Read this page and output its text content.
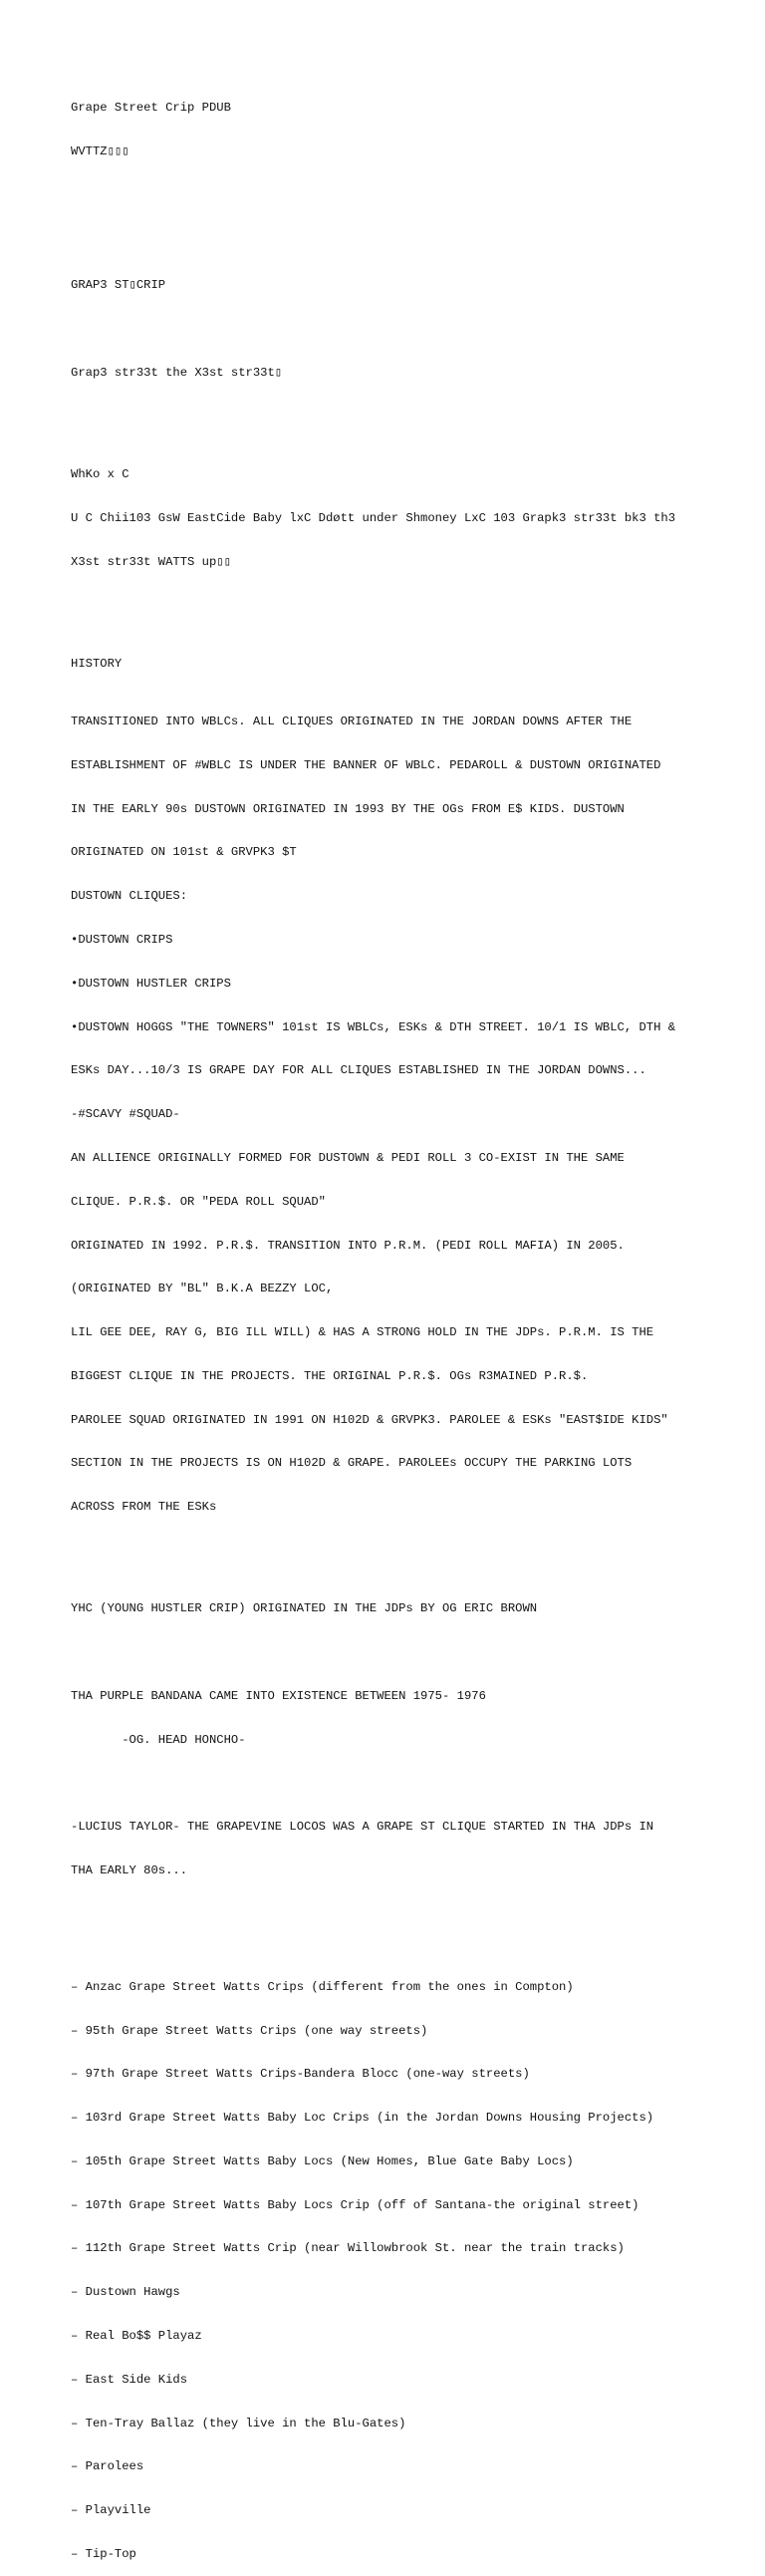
Grape Street Crip PDUB

WVTTZ▯▯▯

GRAP3 ST▯CRIP

Grap3 str33t the X3st str33t▯

WhKo x C

U C Chii103 GsW EastCide Baby lxC Ddøtt under Shmoney LxC 103 Grapk3 str33t bk3 th3

X3st str33t WATTS up▯▯

HISTORY

TRANSITIONED INTO WBLCs. ALL CLIQUES ORIGINATED IN THE JORDAN DOWNS AFTER THE

ESTABLISHMENT OF #WBLC IS UNDER THE BANNER OF WBLC. PEDAROLL & DUSTOWN ORIGINATED

IN THE EARLY 90s DUSTOWN ORIGINATED IN 1993 BY THE OGs FROM E$ KIDS. DUSTOWN

ORIGINATED ON 101st & GRVPK3 $T

DUSTOWN CLIQUES:

•DUSTOWN CRIPS

•DUSTOWN HUSTLER CRIPS

•DUSTOWN HOGGS "THE TOWNERS" 101st IS WBLCs, ESKs & DTH STREET. 10/1 IS WBLC, DTH &

ESKs DAY...10/3 IS GRAPE DAY FOR ALL CLIQUES ESTABLISHED IN THE JORDAN DOWNS...

-#SCAVY #SQUAD-

AN ALLIENCE ORIGINALLY FORMED FOR DUSTOWN & PEDI ROLL 3 CO-EXIST IN THE SAME

CLIQUE. P.R.$. OR "PEDA ROLL SQUAD"

ORIGINATED IN 1992. P.R.$. TRANSITION INTO P.R.M. (PEDI ROLL MAFIA) IN 2005.

(ORIGINATED BY "BL" B.K.A BEZZY LOC,

LIL GEE DEE, RAY G, BIG ILL WILL) & HAS A STRONG HOLD IN THE JDPs. P.R.M. IS THE

BIGGEST CLIQUE IN THE PROJECTS. THE ORIGINAL P.R.$. OGs R3MAINED P.R.$.

PAROLEE SQUAD ORIGINATED IN 1991 ON H102D & GRVPK3. PAROLEE & ESKs "EAST$IDE KIDS"

SECTION IN THE PROJECTS IS ON H102D & GRAPE. PAROLEEs OCCUPY THE PARKING LOTS

ACROSS FROM THE ESKs

YHC (YOUNG HUSTLER CRIP) ORIGINATED IN THE JDPs BY OG ERIC BROWN

THA PURPLE BANDANA CAME INTO EXISTENCE BETWEEN 1975- 1976

-OG. HEAD HONCHO-

-LUCIUS TAYLOR- THE GRAPEVINE LOCOS WAS A GRAPE ST CLIQUE STARTED IN THA JDPs IN

THA EARLY 80s...

– Anzac Grape Street Watts Crips (different from the ones in Compton)

– 95th Grape Street Watts Crips (one way streets)

– 97th Grape Street Watts Crips-Bandera Blocc (one-way streets)

– 103rd Grape Street Watts Baby Loc Crips (in the Jordan Downs Housing Projects)

– 105th Grape Street Watts Baby Locs (New Homes, Blue Gate Baby Locs)

– 107th Grape Street Watts Baby Locs Crip (off of Santana-the original street)

– 112th Grape Street Watts Crip (near Willowbrook St. near the train tracks)

– Dustown Hawgs

– Real Bo$$ Playaz

– East Side Kids

– Ten-Tray Ballaz (they live in the Blu-Gates)

– Parolees

– Playville

– Tip-Top
